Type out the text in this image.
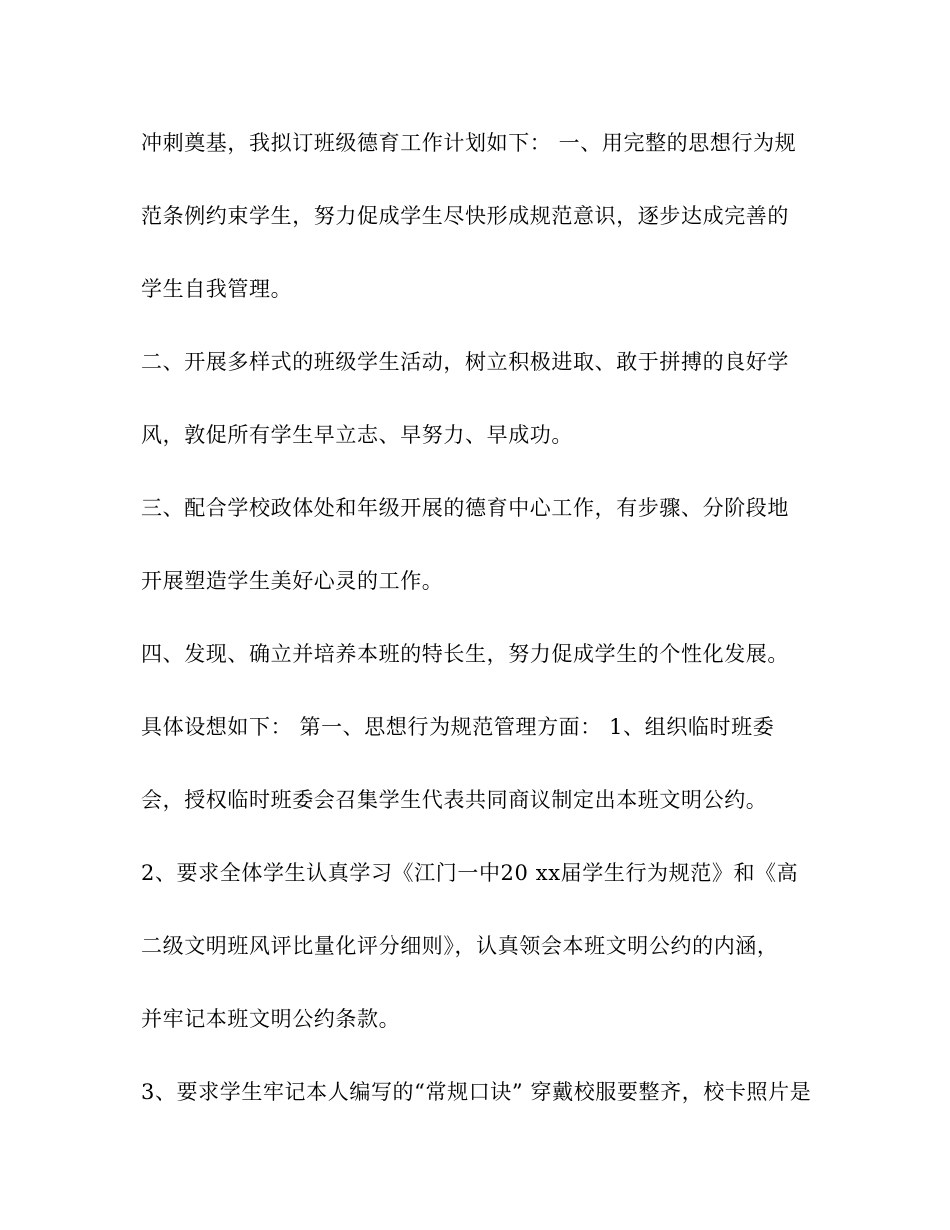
冲刺奠基，我拟订班级德育工作计划如下： 一、用完整的思想行为规
范条例约束学生，努力促成学生尽快形成规范意识，逐步达成完善的
学生自我管理。
二、开展多样式的班级学生活动，树立积极进取、敢于拼搏的良好学
风，敦促所有学生早立志、早努力、早成功。
三、配合学校政体处和年级开展的德育中心工作，有步骤、分阶段地
开展塑造学生美好心灵的工作。
四、发现、确立并培养本班的特长生，努力促成学生的个性化发展。
具体设想如下： 第一、思想行为规范管理方面： 1、组织临时班委
会，授权临时班委会召集学生代表共同商议制定出本班文明公约。
2、要求全体学生认真学习《江门一中20 xx届学生行为规范》和《高
二级文明班风评比量化评分细则》，认真领会本班文明公约的内涵，
并牢记本班文明公约条款。
3、要求学生牢记本人编写的“常规口诀” 穿戴校服要整齐，校卡照片是
